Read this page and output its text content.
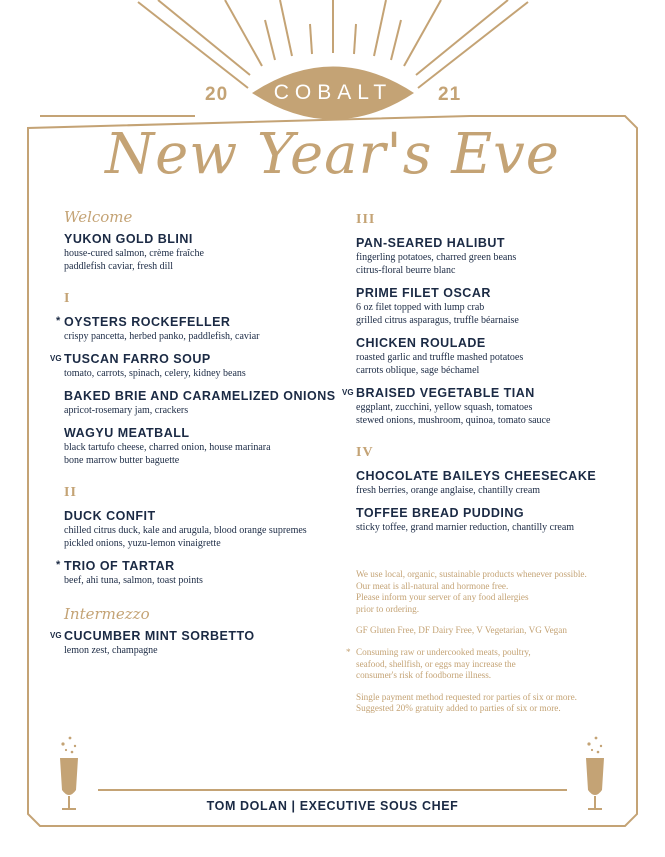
20	21
COBALT
New Year's Eve
Welcome
YUKON GOLD BLINI
house-cured salmon, crème fraîche
paddlefish caviar, fresh dill
I
* OYSTERS ROCKEFELLER
crispy pancetta, herbed panko, paddlefish, caviar
VG TUSCAN FARRO SOUP
tomato, carrots, spinach, celery, kidney beans
BAKED BRIE AND CARAMELIZED ONIONS
apricot-rosemary jam, crackers
WAGYU MEATBALL
black tartufo cheese, charred onion, house marinara
bone marrow butter baguette
II
DUCK CONFIT
chilled citrus duck, kale and arugula, blood orange supremes
pickled onions, yuzu-lemon vinaigrette
* TRIO OF TARTAR
beef, ahi tuna, salmon, toast points
Intermezzo
VG CUCUMBER MINT SORBETTO
lemon zest, champagne
III
PAN-SEARED HALIBUT
fingerling potatoes, charred green beans
citrus-floral beurre blanc
PRIME FILET OSCAR
6 oz filet topped with lump crab
grilled citrus asparagus, truffle béarnaise
CHICKEN ROULADE
roasted garlic and truffle mashed potatoes
carrots oblique, sage béchamel
VG BRAISED VEGETABLE TIAN
eggplant, zucchini, yellow squash, tomatoes
stewed onions, mushroom, quinoa, tomato sauce
IV
CHOCOLATE BAILEYS CHEESECAKE
fresh berries, orange anglaise, chantilly cream
TOFFEE BREAD PUDDING
sticky toffee, grand marnier reduction, chantilly cream

We use local, organic, sustainable products whenever possible.
Our meat is all-natural and hormone free.
Please inform your server of any food allergies
prior to ordering.

GF Gluten Free, DF Dairy Free, V Vegetarian, VG Vegan

* Consuming raw or undercooked meats, poultry,
seafood, shellfish, or eggs may increase the
consumer's risk of foodborne illness.

Single payment method requested ror parties of six or more.
Suggested 20% gratuity added to parties of six or more.

TOM DOLAN | EXECUTIVE SOUS CHEF
